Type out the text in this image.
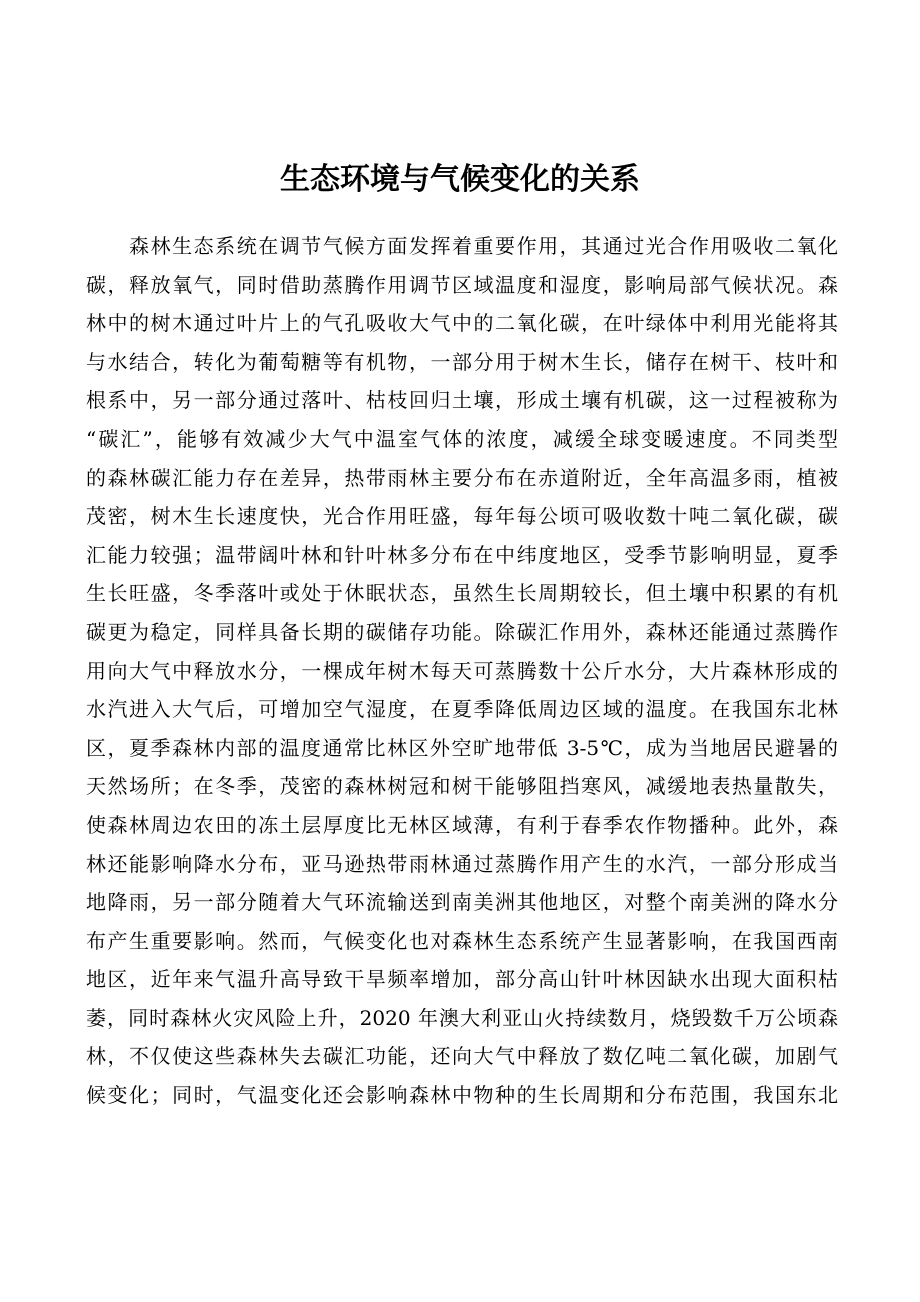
生态环境与气候变化的关系
　　森林生态系统在调节气候方面发挥着重要作用，其通过光合作用吸收二氧化
碳，释放氧气，同时借助蒸腾作用调节区域温度和湿度，影响局部气候状况。森
林中的树木通过叶片上的气孔吸收大气中的二氧化碳，在叶绿体中利用光能将其
与水结合，转化为葡萄糖等有机物，一部分用于树木生长，储存在树干、枝叶和
根系中，另一部分通过落叶、枯枝回归土壤，形成土壤有机碳，这一过程被称为
“碳汇”，能够有效减少大气中温室气体的浓度，减缓全球变暖速度。不同类型
的森林碳汇能力存在差异，热带雨林主要分布在赤道附近，全年高温多雨，植被
茂密，树木生长速度快，光合作用旺盛，每年每公顷可吸收数十吨二氧化碳，碳
汇能力较强；温带阔叶林和针叶林多分布在中纬度地区，受季节影响明显，夏季
生长旺盛，冬季落叶或处于休眠状态，虽然生长周期较长，但土壤中积累的有机
碳更为稳定，同样具备长期的碳储存功能。除碳汇作用外，森林还能通过蒸腾作
用向大气中释放水分，一棵成年树木每天可蒸腾数十公斤水分，大片森林形成的
水汽进入大气后，可增加空气湿度，在夏季降低周边区域的温度。在我国东北林
区，夏季森林内部的温度通常比林区外空旷地带低 3-5℃，成为当地居民避暑的
天然场所；在冬季，茂密的森林树冠和树干能够阻挡寒风，减缓地表热量散失，
使森林周边农田的冻土层厚度比无林区域薄，有利于春季农作物播种。此外，森
林还能影响降水分布，亚马逊热带雨林通过蒸腾作用产生的水汽，一部分形成当
地降雨，另一部分随着大气环流输送到南美洲其他地区，对整个南美洲的降水分
布产生重要影响。然而，气候变化也对森林生态系统产生显著影响，在我国西南
地区，近年来气温升高导致干旱频率增加，部分高山针叶林因缺水出现大面积枯
萎，同时森林火灾风险上升，2020 年澳大利亚山火持续数月，烧毁数千万公顷森
林，不仅使这些森林失去碳汇功能，还向大气中释放了数亿吨二氧化碳，加剧气
候变化；同时，气温变化还会影响森林中物种的生长周期和分布范围，我国东北
